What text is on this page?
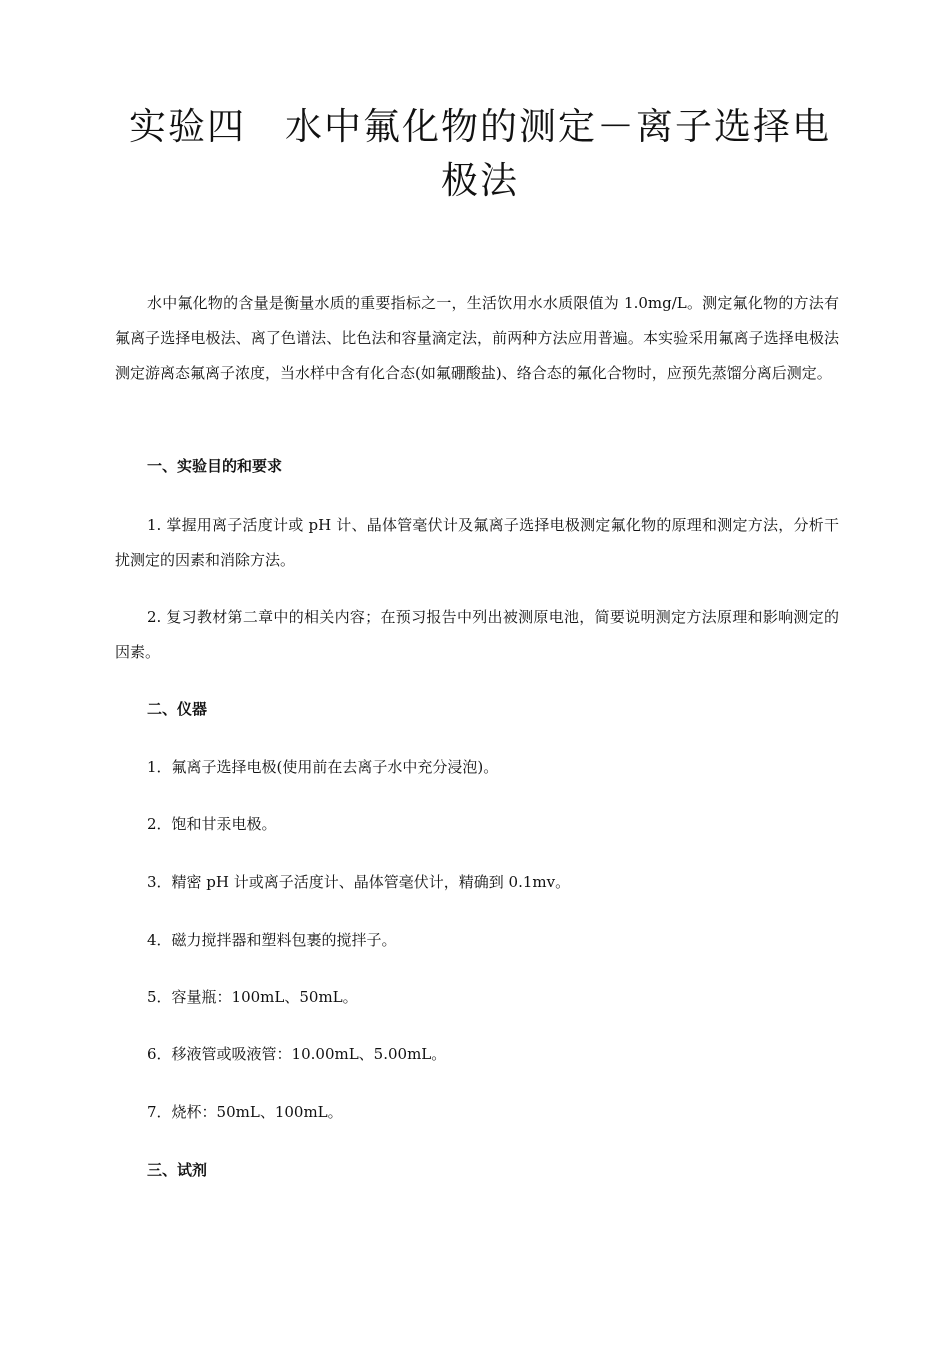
实验四　水中氟化物的测定－离子选择电极法

水中氟化物的含量是衡量水质的重要指标之一，生活饮用水水质限值为 1.0mg/L。测定氟化物的方法有氟离子选择电极法、离了色谱法、比色法和容量滴定法，前两种方法应用普遍。本实验采用氟离子选择电极法测定游离态氟离子浓度，当水样中含有化合态(如氟硼酸盐)、络合态的氟化合物时，应预先蒸馏分离后测定。

一、实验目的和要求

1. 掌握用离子活度计或 pH 计、晶体管毫伏计及氟离子选择电极测定氟化物的原理和测定方法，分析干扰测定的因素和消除方法。

2. 复习教材第二章中的相关内容；在预习报告中列出被测原电池，简要说明测定方法原理和影响测定的因素。

二、仪器

1．氟离子选择电极(使用前在去离子水中充分浸泡)。

2．饱和甘汞电极。

3．精密 pH 计或离子活度计、晶体管毫伏计，精确到 0.1mv。

4．磁力搅拌器和塑料包裹的搅拌子。

5．容量瓶：100mL、50mL。

6．移液管或吸液管：10.00mL、5.00mL。

7．烧杯：50mL、100mL。

三、试剂
